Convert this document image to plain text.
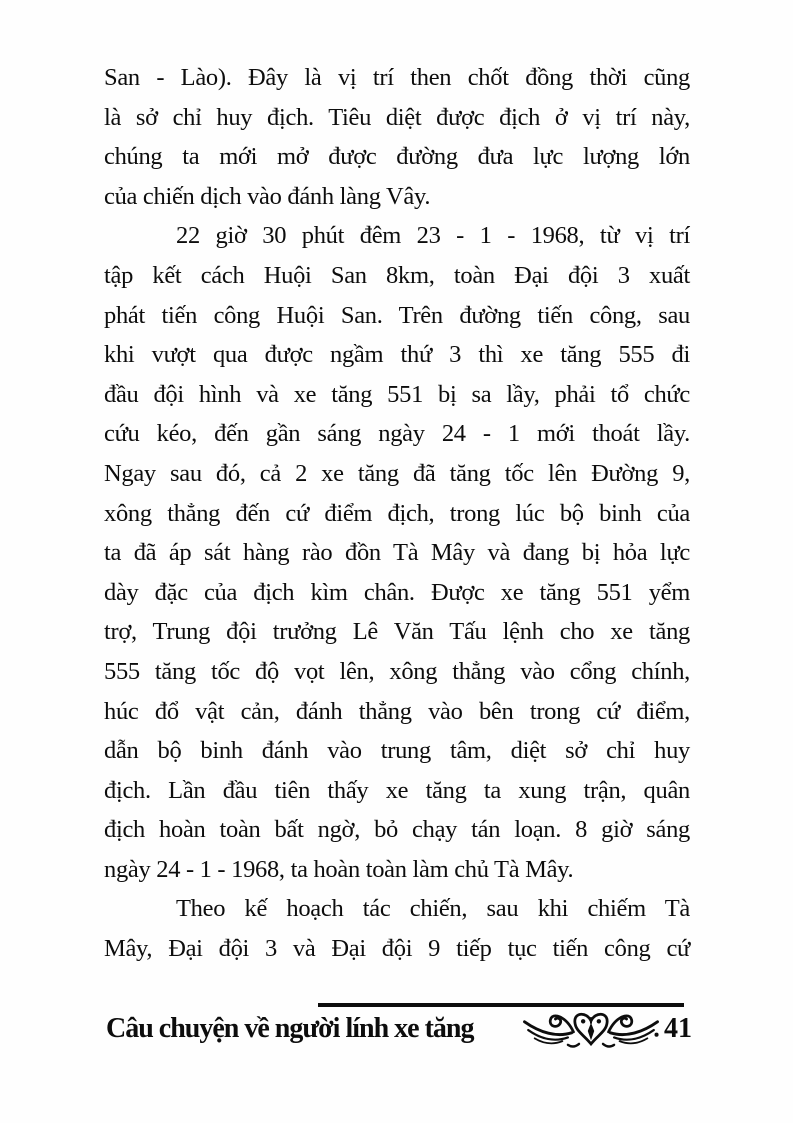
San - Lào). Đây là vị trí then chốt đồng thời cũng
là sở chỉ huy địch. Tiêu diệt được địch ở vị trí này,
chúng ta mới mở được đường đưa lực lượng lớn
của chiến dịch vào đánh làng Vây.
22 giờ 30 phút đêm 23 - 1 - 1968, từ vị trí
tập kết cách Huội San 8km, toàn Đại đội 3 xuất
phát tiến công Huội San. Trên đường tiến công, sau
khi vượt qua được ngầm thứ 3 thì xe tăng 555 đi
đầu đội hình và xe tăng 551 bị sa lầy, phải tổ chức
cứu kéo, đến gần sáng ngày 24 - 1 mới thoát lầy.
Ngay sau đó, cả 2 xe tăng đã tăng tốc lên Đường 9,
xông thẳng đến cứ điểm địch, trong lúc bộ binh của
ta đã áp sát hàng rào đồn Tà Mây và đang bị hỏa lực
dày đặc của địch kìm chân. Được xe tăng 551 yểm
trợ, Trung đội trưởng Lê Văn Tấu lệnh cho xe tăng
555 tăng tốc độ vọt lên, xông thẳng vào cổng chính,
húc đổ vật cản, đánh thẳng vào bên trong cứ điểm,
dẫn bộ binh đánh vào trung tâm, diệt sở chỉ huy
địch. Lần đầu tiên thấy xe tăng ta xung trận, quân
địch hoàn toàn bất ngờ, bỏ chạy tán loạn. 8 giờ sáng
ngày 24 - 1 - 1968, ta hoàn toàn làm chủ Tà Mây.
Theo kế hoạch tác chiến, sau khi chiếm Tà
Mây, Đại đội 3 và Đại đội 9 tiếp tục tiến công cứ
Câu chuyện về người lính xe tăng	41
